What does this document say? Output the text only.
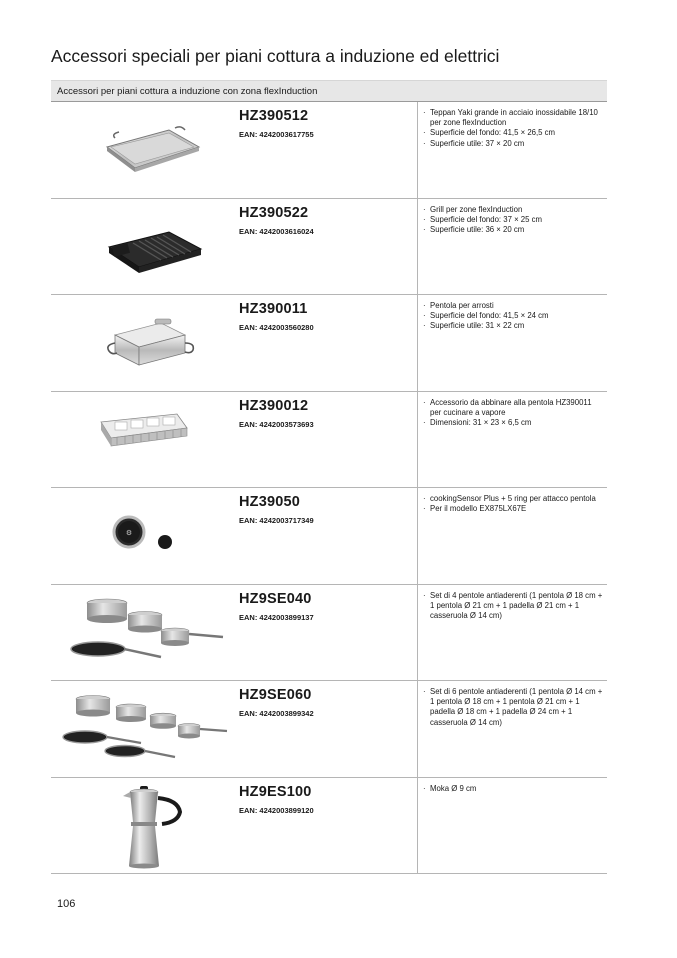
Accessori speciali per piani cottura a induzione ed elettrici
Accessori per piani cottura a induzione con zona flexInduction
HZ390512
EAN: 4242003617755
· Teppan Yaki grande in acciaio inossidabile 18/10 per zone flexInduction
· Superficie del fondo: 41,5 × 26,5 cm
· Superficie utile: 37 × 20 cm
HZ390522
EAN: 4242003616024
· Grill per zone flexInduction
· Superficie del fondo: 37 × 25 cm
· Superficie utile: 36 × 20 cm
HZ390011
EAN: 4242003560280
· Pentola per arrosti
· Superficie del fondo: 41,5 × 24 cm
· Superficie utile: 31 × 22 cm
HZ390012
EAN: 4242003573693
· Accessorio da abbinare alla pentola HZ390011 per cucinare a vapore
· Dimensioni: 31 × 23 × 6,5 cm
⚙
HZ39050
EAN: 4242003717349
· cookingSensor Plus + 5 ring per attacco pentola
· Per il modello EX875LX67E
HZ9SE040
EAN: 4242003899137
· Set di 4 pentole antiaderenti (1 pentola Ø 18 cm + 1 pentola Ø 21 cm + 1 padella Ø 21 cm + 1 casseruola Ø 14 cm)
HZ9SE060
EAN: 4242003899342
· Set di 6 pentole antiaderenti (1 pentola Ø 14 cm + 1 pentola Ø 18 cm + 1 pentola Ø 21 cm + 1 padella Ø 18 cm + 1 padella Ø 24 cm + 1 casseruola Ø 14 cm)
HZ9ES100
EAN: 4242003899120
· Moka Ø 9 cm
106
